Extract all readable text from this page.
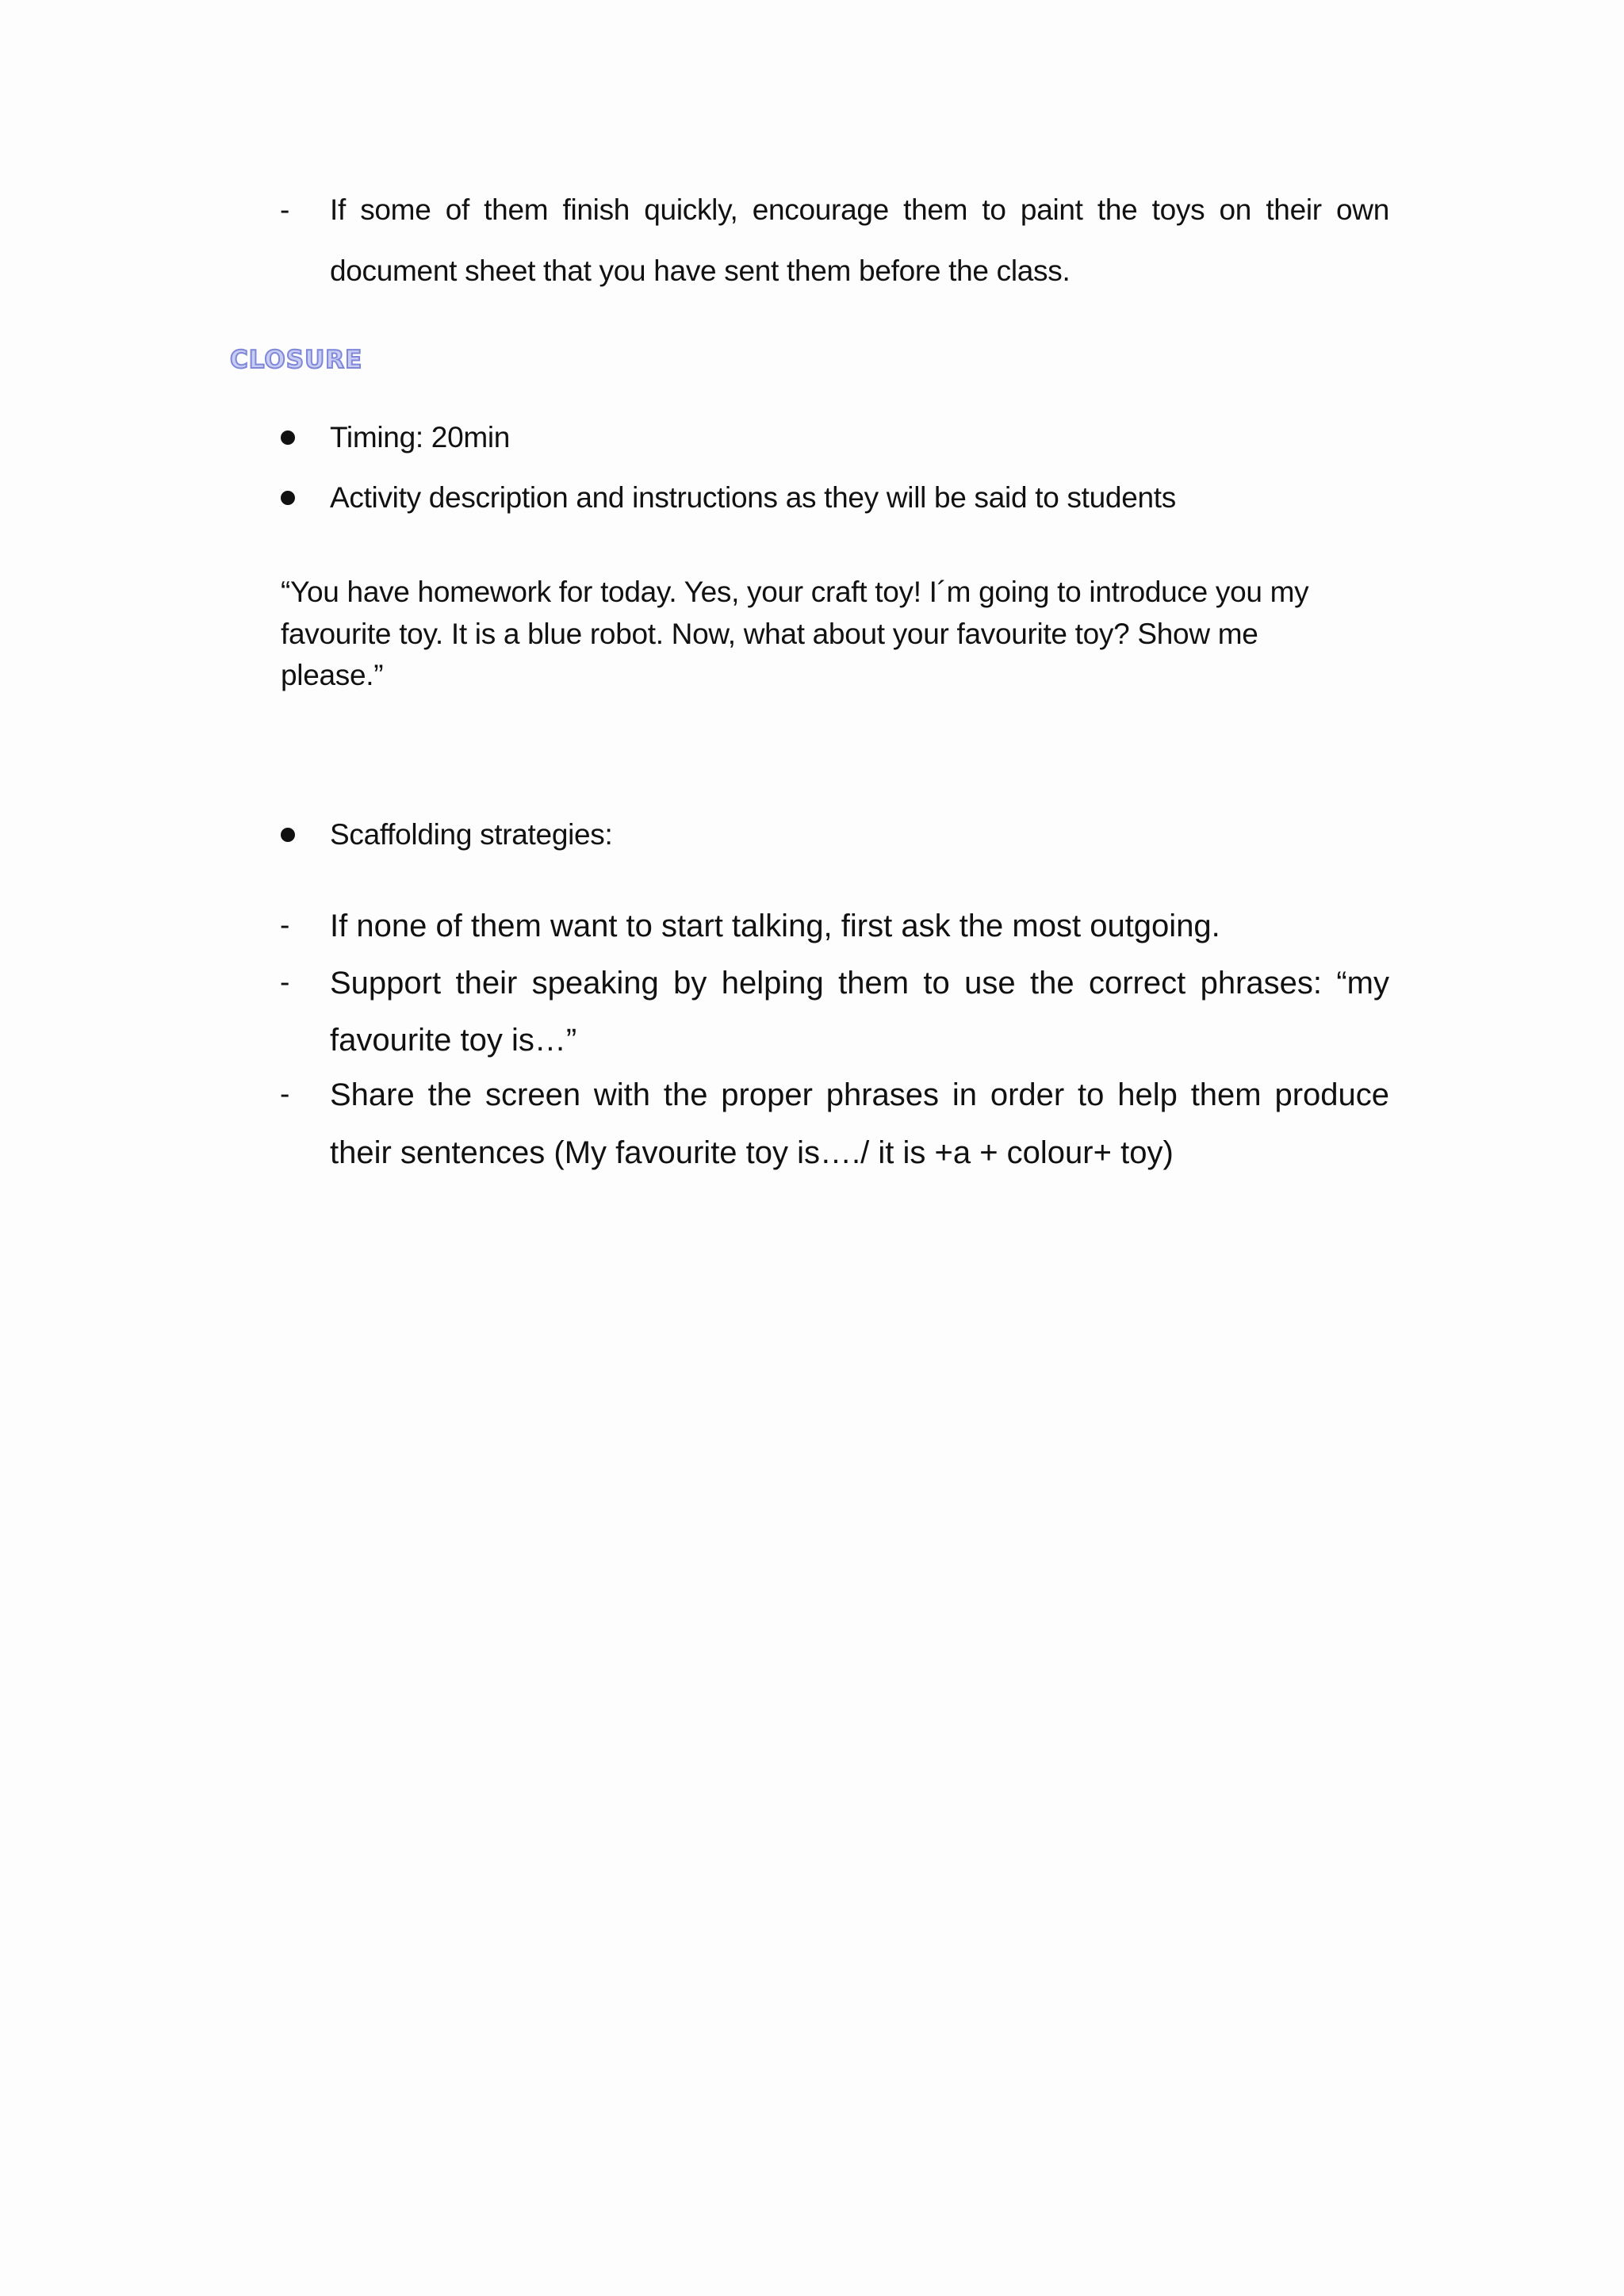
- If some of them finish quickly, encourage them to paint the toys on their own
document sheet that you have sent them before the class.
CLOSURE
Timing: 20min
Activity description and instructions as they will be said to students
“You have homework for today. Yes, your craft toy! I´m going to introduce you my
favourite toy. It is a blue robot. Now, what about your favourite toy? Show me
please.”
Scaffolding strategies:
- If none of them want to start talking, first ask the most outgoing.
- Support their speaking by helping them to use the correct phrases: “my
favourite toy is…”
- Share the screen with the proper phrases in order to help them produce
their sentences (My favourite toy is…./ it is +a + colour+ toy)
